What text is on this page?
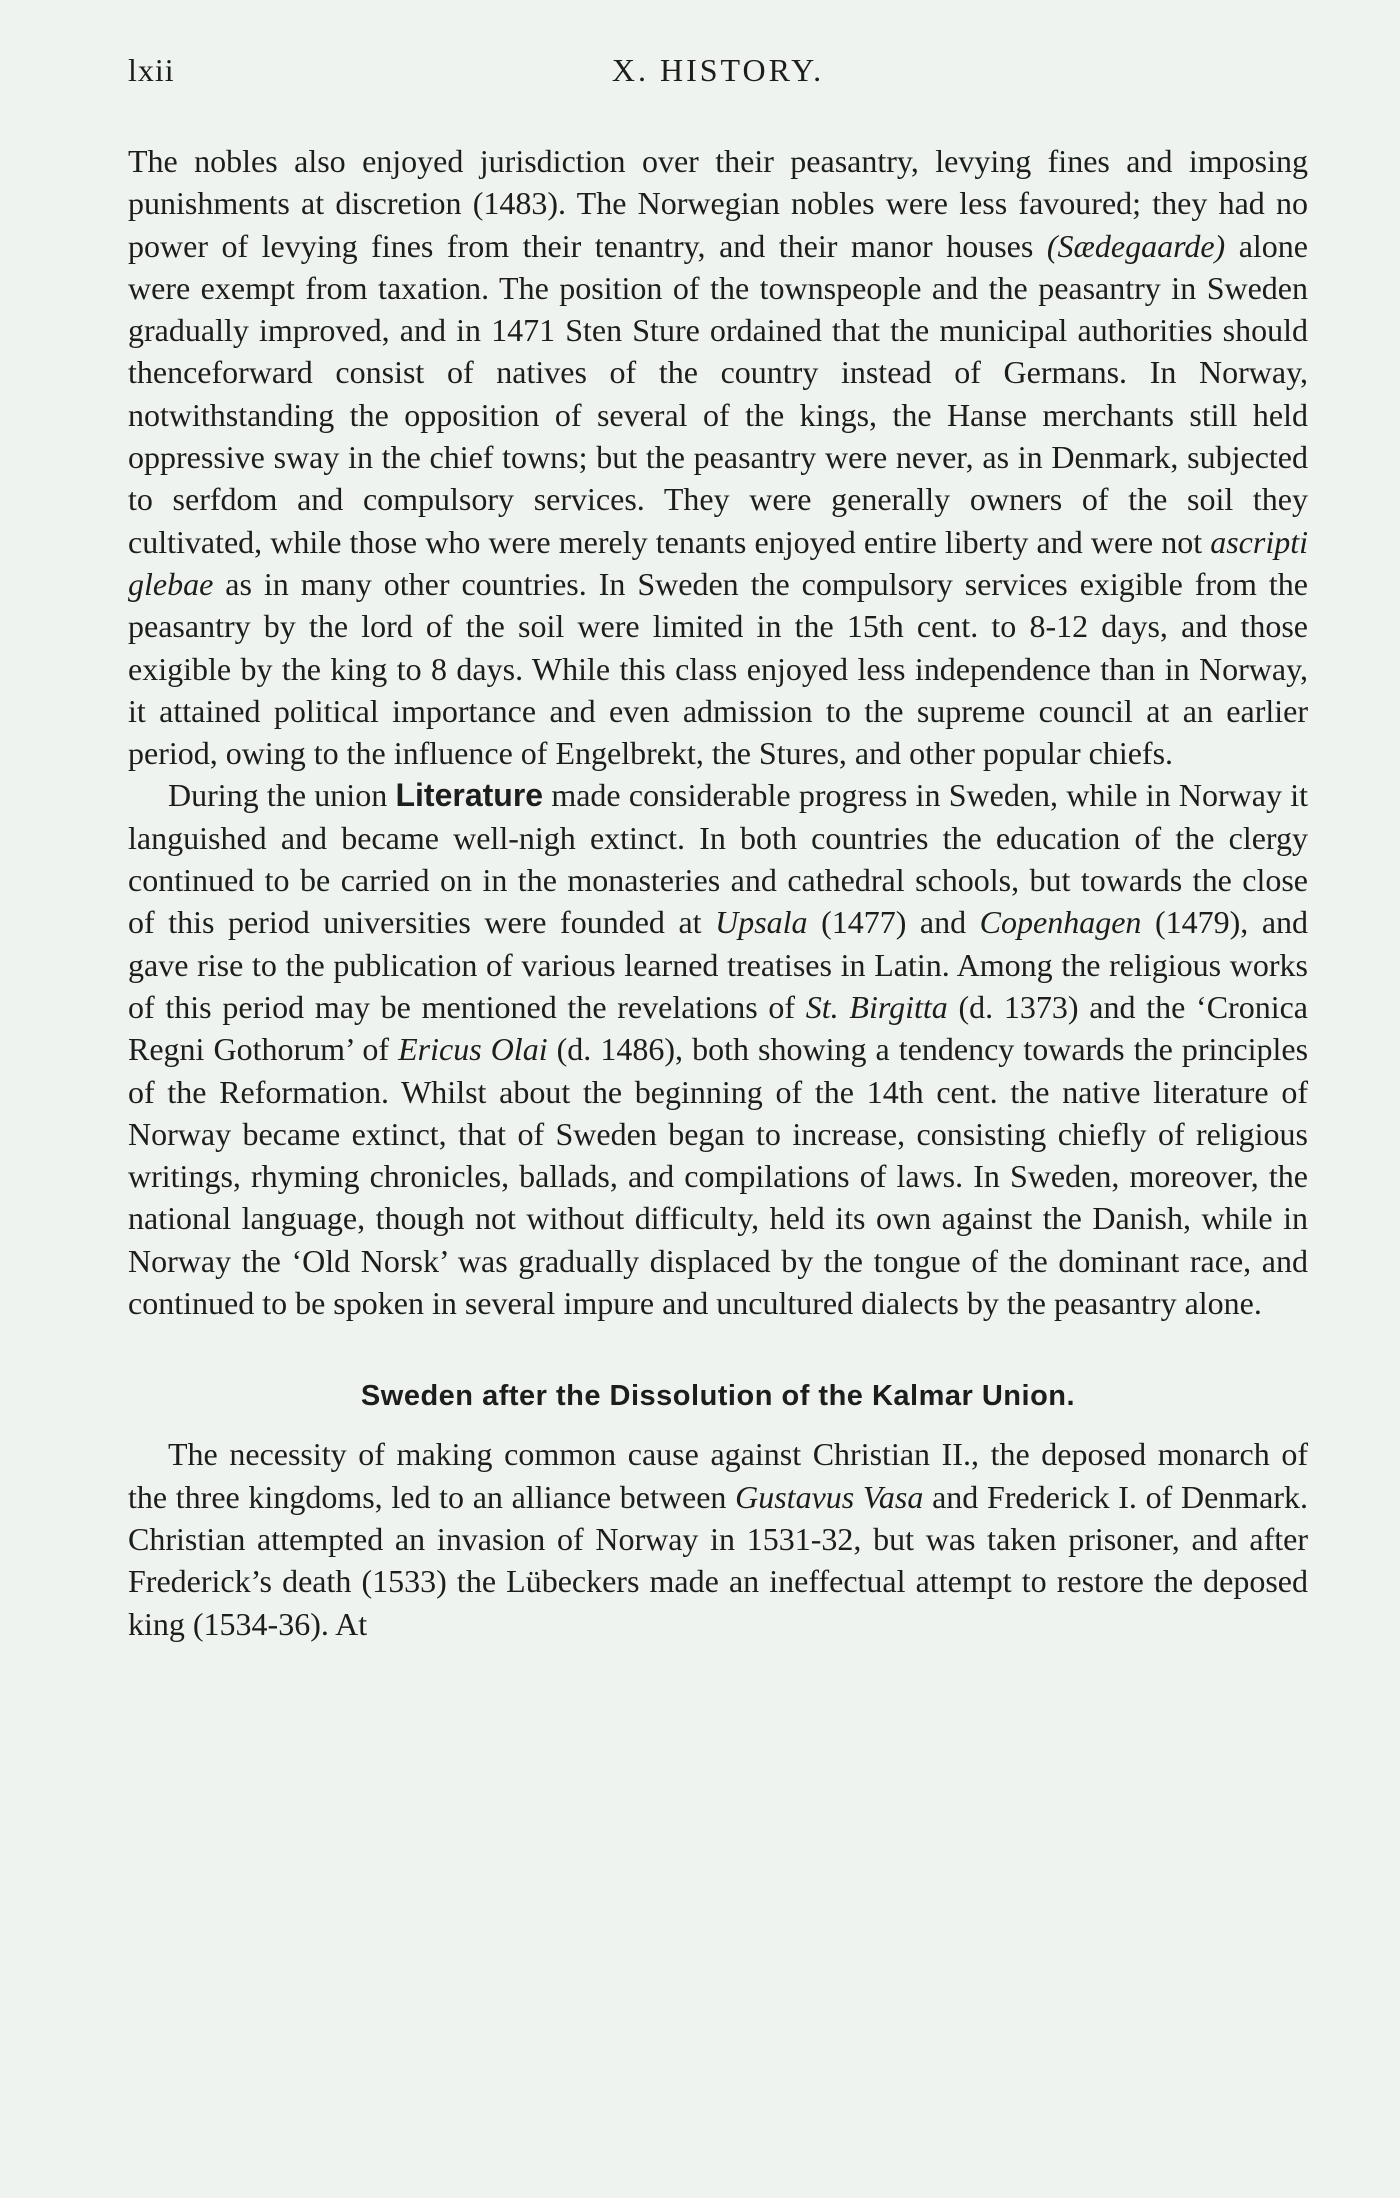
lxii	X. HISTORY.

The nobles also enjoyed jurisdiction over their peasantry, levying fines and imposing punishments at discretion (1483). The Norwegian nobles were less favoured; they had no power of levying fines from their tenantry, and their manor houses (Sædegaarde) alone were exempt from taxation. The position of the townspeople and the peasantry in Sweden gradually improved, and in 1471 Sten Sture ordained that the municipal authorities should thenceforward consist of natives of the country instead of Germans. In Norway, notwithstanding the opposition of several of the kings, the Hanse merchants still held oppressive sway in the chief towns; but the peasantry were never, as in Denmark, subjected to serfdom and compulsory services. They were generally owners of the soil they cultivated, while those who were merely tenants enjoyed entire liberty and were not ascripti glebae as in many other countries. In Sweden the compulsory services exigible from the peasantry by the lord of the soil were limited in the 15th cent. to 8-12 days, and those exigible by the king to 8 days. While this class enjoyed less independence than in Norway, it attained political importance and even admission to the supreme council at an earlier period, owing to the influence of Engelbrekt, the Stures, and other popular chiefs.

During the union Literature made considerable progress in Sweden, while in Norway it languished and became well-nigh extinct. In both countries the education of the clergy continued to be carried on in the monasteries and cathedral schools, but towards the close of this period universities were founded at Upsala (1477) and Copenhagen (1479), and gave rise to the publication of various learned treatises in Latin. Among the religious works of this period may be mentioned the revelations of St. Birgitta (d. 1373) and the ‘Cronica Regni Gothorum’ of Ericus Olai (d. 1486), both showing a tendency towards the principles of the Reformation. Whilst about the beginning of the 14th cent. the native literature of Norway became extinct, that of Sweden began to increase, consisting chiefly of religious writings, rhyming chronicles, ballads, and compilations of laws. In Sweden, moreover, the national language, though not without difficulty, held its own against the Danish, while in Norway the ‘Old Norsk’ was gradually displaced by the tongue of the dominant race, and continued to be spoken in several impure and uncultured dialects by the peasantry alone.

Sweden after the Dissolution of the Kalmar Union.

The necessity of making common cause against Christian II., the deposed monarch of the three kingdoms, led to an alliance between Gustavus Vasa and Frederick I. of Denmark. Christian attempted an invasion of Norway in 1531-32, but was taken prisoner, and after Frederick’s death (1533) the Lübeckers made an ineffectual attempt to restore the deposed king (1534-36). At
